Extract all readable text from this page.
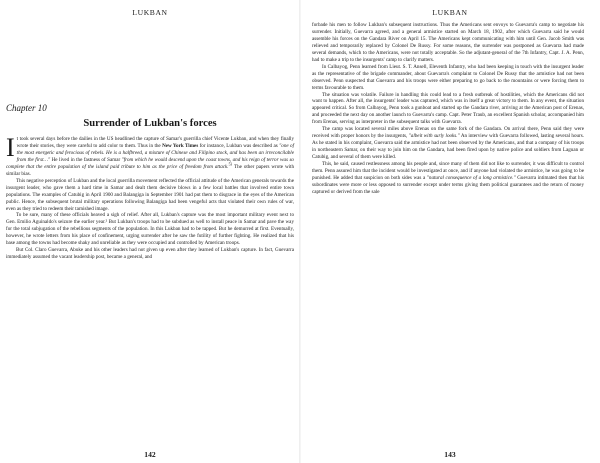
LUKBAN
Chapter 10
Surrender of Lukban's forces

It took several days before the dailies in the US headlined the capture of Samar's guerrilla chief Vicente Lukban, and when they finally wrote their stories, they were careful to add color to them. Thus in the New York Times for instance, Lukban was described as "one of the most energetic and ferocious of rebels. He is a halfbreed, a mixture of Chinese and Filipino stock, and has been an irreconcilable from the first…" He lived in the fastness of Samar "from which he would descend upon the coast towns, and his reign of terror was so complete that the entire population of the island paid tribute to him as the price of freedom from attack.$^{53}$ The other papers wrote with similar bias.

This negative perception of Lukban and the local guerrilla movement reflected the official attitude of the American generals towards the insurgent leader, who gave them a hard time in Samar and dealt them decisive blows in a few local battles that involved entire town populations. The examples of Catubig in April 1900 and Balangiga in September 1901 had put them to disgrace in the eyes of the American public. Hence, the subsequent brutal military operations following Balangiga had been vengeful acts that violated their own rules of war, even as they tried to redeem their tarnished image.

To be sure, many of these officials heaved a sigh of relief. After all, Lukban's capture was the most important military event next to Gen. Emilio Aguinaldo's seizure the earlier year.² But Lukban's troops had to be subdued as well to install peace in Samar and pave the way for the total subjugation of the rebellious segments of the population. In this Lukban had to be tapped. But he demurred at first. Eventually, however, he wrote letters from his place of confinement, urging surrender after he saw the futility of further fighting. He realized that his base among the towns had become shaky and unreliable as they were occupied and controlled by American troops.

But Col. Claro Guevarra, Abuke and his other leaders had not given up even after they learned of Lukban's capture. In fact, Guevarra immediately assumed the vacant leadership post, became a general, and

142
LUKBAN

forbade his men to follow Lukban's subsequent instructions. Thus the Americans sent envoys to Guevarra's camp to negotiate his surrender. Initially, Guevarra agreed, and a general armistice started on March 18, 1902, after which Guevarra said he would assemble his forces on the Gandara River on April 15. The Americans kept communicating with him until Gen. Jacob Smith was relieved and temporarily replaced by Colonel De Russy. For some reasons, the surrender was postponed as Guevarra had made several demands, which to the Americans, were not totally acceptable. So the adjutant-general of the 7th Infantry, Capt. J. A. Penn, had to make a trip to the insurgents' camp to clarify matters.

In Calbayog, Penn learned from Lieut. S. T. Ansell, Eleventh Infantry, who had been keeping in touch with the insurgent leader as the representative of the brigade commander, about Guevarra's complaint to Colonel De Russy that the armistice had not been observed. Penn suspected that Guevarra and his troops were either preparing to go back to the mountains or were forcing them to terms favourable to them.

The situation was volatile. Failure in handling this could lead to a fresh outbreak of hostilities, which the Americans did not want to happen. After all, the insurgents' leader was captured, which was in itself a great victory to them. In any event, the situation appeared critical. So from Calbayog, Penn took a gunboat and started up the Gandara river, arriving at the American post of Erenas, and proceeded the next day on another launch to Guevarra's camp. Capt. Peter Traub, an excellent Spanish scholar, accompanied him from Erenas, serving as interpreter in the subsequent talks with Guevarra.

The camp was located several miles above Erenas on the same fork of the Gandara. On arrival there, Penn said they were received with proper honors by the insurgents, "albeit with surly looks." An interview with Guevarra followed, lasting several hours. As he stated in his complaint, Guevarra said the armistice had not been observed by the Americans, and that a company of his troops in northeastern Samar, on their way to join him on the Gandara, had been fired upon by native police and soldiers from Laguan or Catubig, and several of them were killed.

This, he said, caused restlessness among his people and, since many of them did not like to surrender, it was difficult to control them. Penn assured him that the incident would be investigated at once, and if anyone had violated the armistice, he was going to be punished. He added that suspicion on both sides was a "natural consequence of a long armistice." Guevarra intimated then that his subordinates were more or less opposed to surrender except under terms giving them political guarantees and the return of money captured or derived from the sale

143
